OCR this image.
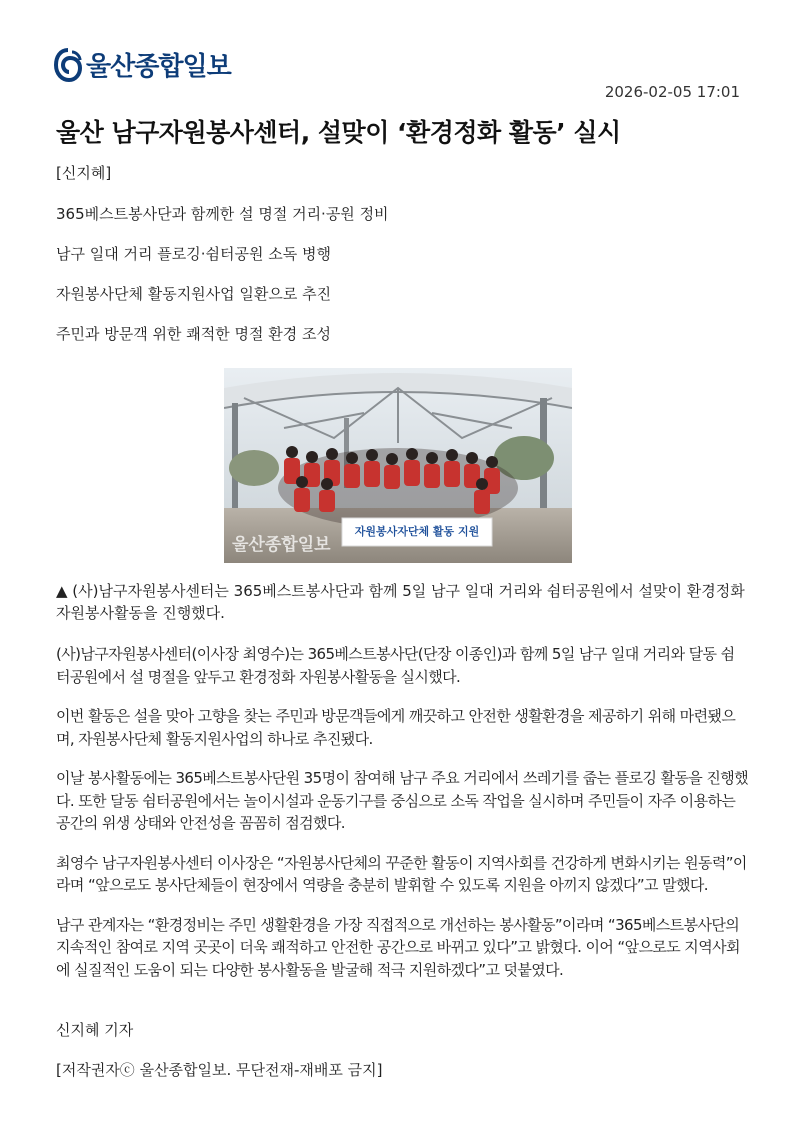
울산종합일보
2026-02-05 17:01
울산 남구자원봉사센터, 설맞이 ‘환경정화 활동’ 실시
[신지혜]
365베스트봉사단과 함께한 설 명절 거리·공원 정비
남구 일대 거리 플로깅·쉼터공원 소독 병행
자원봉사단체 활동지원사업 일환으로 추진
주민과 방문객 위한 쾌적한 명절 환경 조성
자원봉사자단체 활동 지원
울산종합일보
▲ (사)남구자원봉사센터는 365베스트봉사단과 함께 5일 남구 일대 거리와 쉼터공원에서 설맞이 환경정화 자원봉사활동을 진행했다.

(사)남구자원봉사센터(이사장 최영수)는 365베스트봉사단(단장 이종인)과 함께 5일 남구 일대 거리와 달동 쉼터공원에서 설 명절을 앞두고 환경정화 자원봉사활동을 실시했다.

이번 활동은 설을 맞아 고향을 찾는 주민과 방문객들에게 깨끗하고 안전한 생활환경을 제공하기 위해 마련됐으며, 자원봉사단체 활동지원사업의 하나로 추진됐다.

이날 봉사활동에는 365베스트봉사단원 35명이 참여해 남구 주요 거리에서 쓰레기를 줍는 플로깅 활동을 진행했다. 또한 달동 쉼터공원에서는 놀이시설과 운동기구를 중심으로 소독 작업을 실시하며 주민들이 자주 이용하는 공간의 위생 상태와 안전성을 꼼꼼히 점검했다.

최영수 남구자원봉사센터 이사장은 “자원봉사단체의 꾸준한 활동이 지역사회를 건강하게 변화시키는 원동력”이라며 “앞으로도 봉사단체들이 현장에서 역량을 충분히 발휘할 수 있도록 지원을 아끼지 않겠다”고 말했다.

남구 관계자는 “환경정비는 주민 생활환경을 가장 직접적으로 개선하는 봉사활동”이라며 “365베스트봉사단의 지속적인 참여로 지역 곳곳이 더욱 쾌적하고 안전한 공간으로 바뀌고 있다”고 밝혔다. 이어 “앞으로도 지역사회에 실질적인 도움이 되는 다양한 봉사활동을 발굴해 적극 지원하겠다”고 덧붙였다.

신지혜 기자
[저작권자ⓒ 울산종합일보. 무단전재-재배포 금지]
